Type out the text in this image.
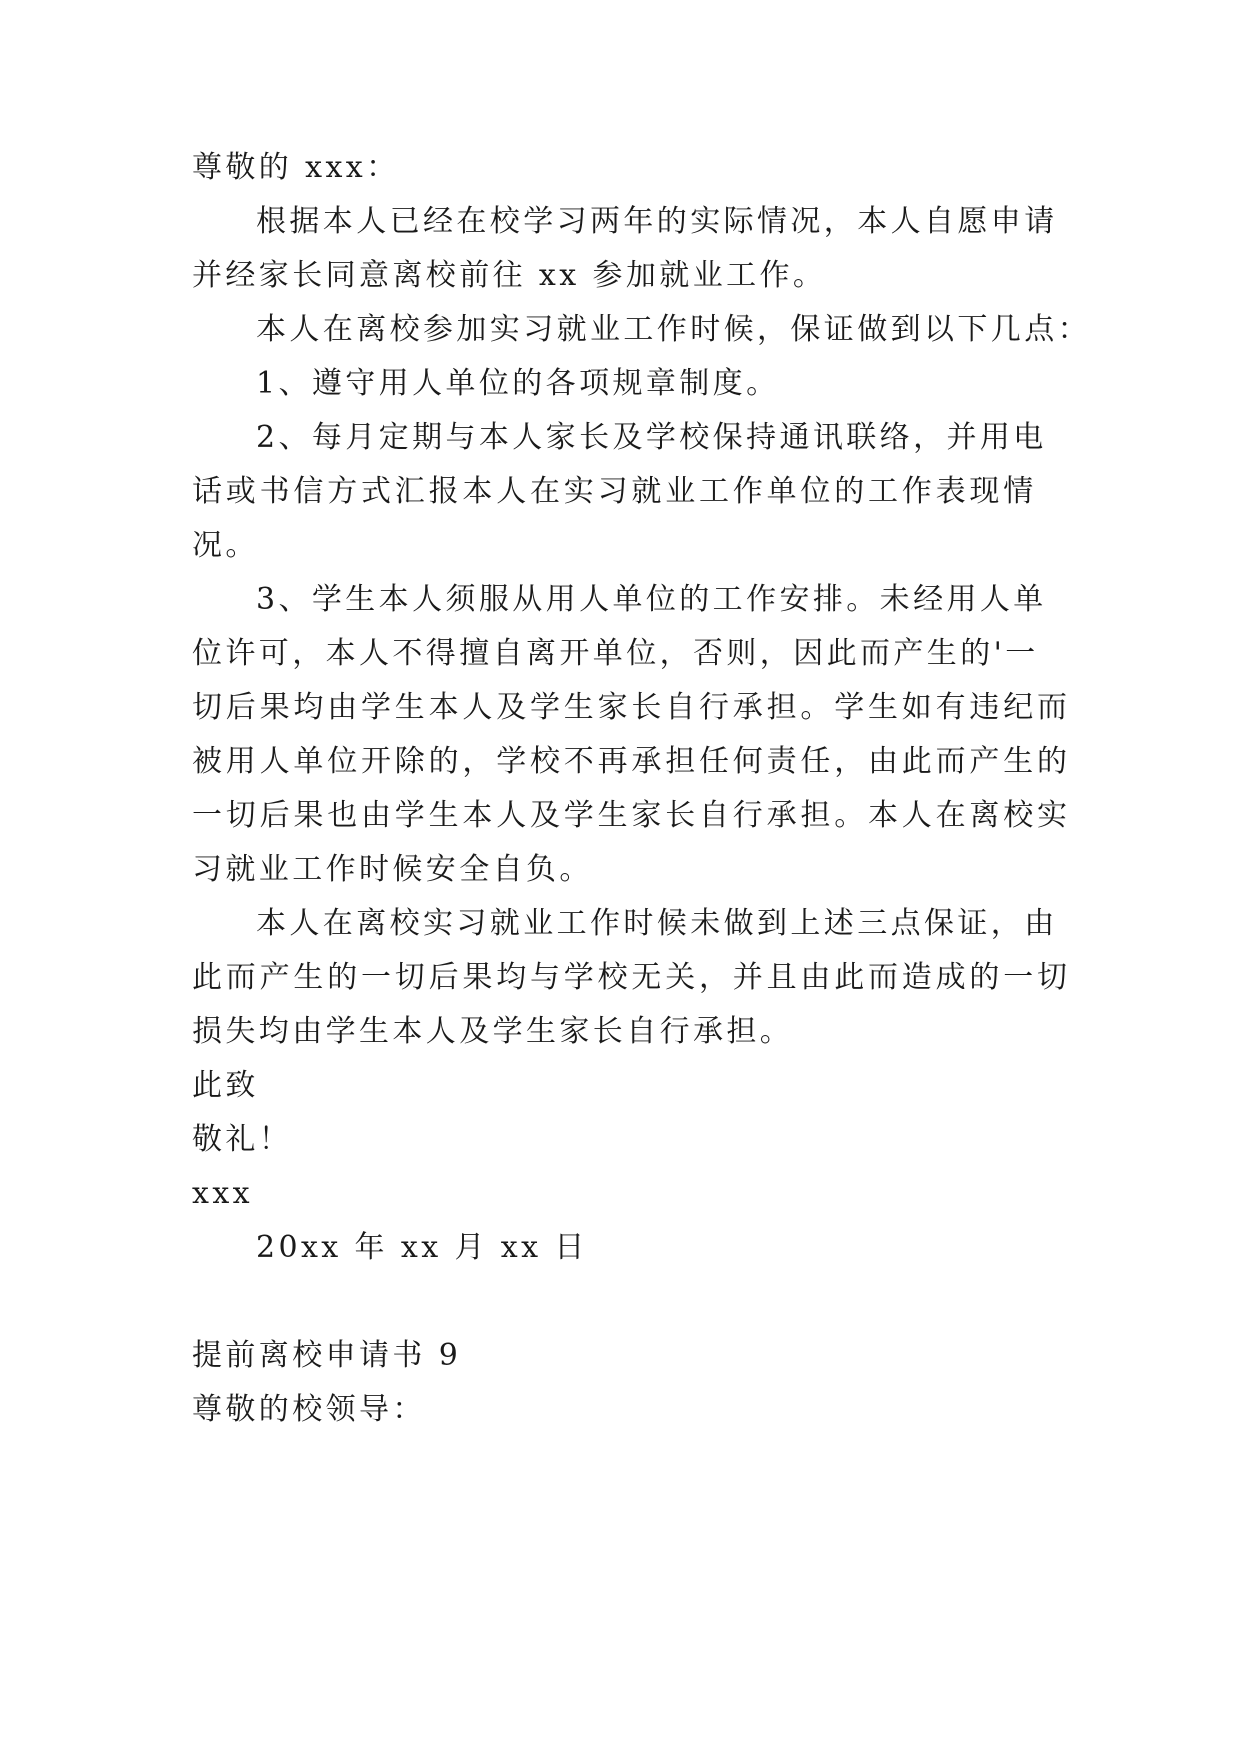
尊敬的 xxx：
根据本人已经在校学习两年的实际情况，本人自愿申请
并经家长同意离校前往 xx 参加就业工作。
本人在离校参加实习就业工作时候，保证做到以下几点：
1、遵守用人单位的各项规章制度。
2、每月定期与本人家长及学校保持通讯联络，并用电
话或书信方式汇报本人在实习就业工作单位的工作表现情
况。
3、学生本人须服从用人单位的工作安排。未经用人单
位许可，本人不得擅自离开单位，否则，因此而产生的'一
切后果均由学生本人及学生家长自行承担。学生如有违纪而
被用人单位开除的，学校不再承担任何责任，由此而产生的
一切后果也由学生本人及学生家长自行承担。本人在离校实
习就业工作时候安全自负。
本人在离校实习就业工作时候未做到上述三点保证，由
此而产生的一切后果均与学校无关，并且由此而造成的一切
损失均由学生本人及学生家长自行承担。
此致
敬礼！
xxx
20xx 年 xx 月 xx 日
提前离校申请书 9
尊敬的校领导：
